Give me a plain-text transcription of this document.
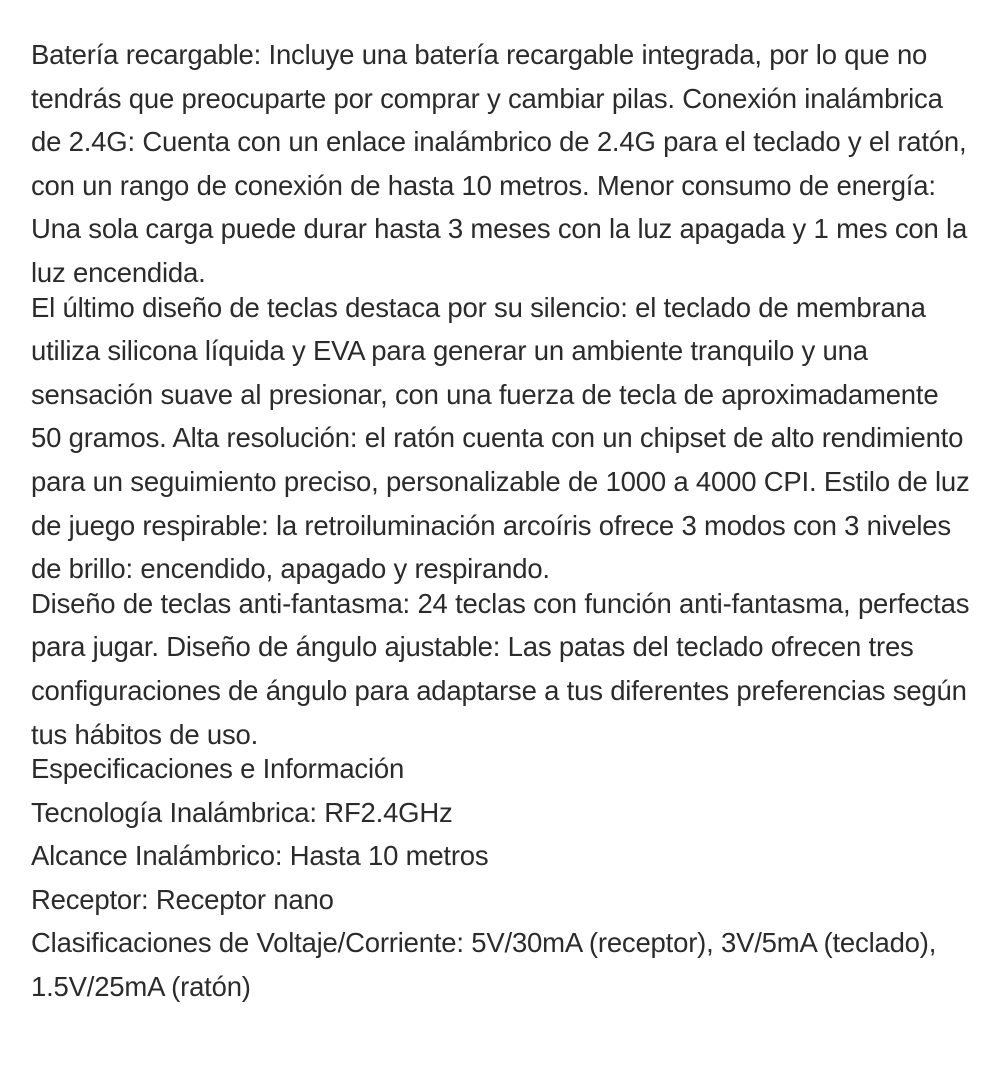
Batería recargable: Incluye una batería recargable integrada, por lo que no tendrás que preocuparte por comprar y cambiar pilas. Conexión inalámbrica de 2.4G: Cuenta con un enlace inalámbrico de 2.4G para el teclado y el ratón, con un rango de conexión de hasta 10 metros. Menor consumo de energía: Una sola carga puede durar hasta 3 meses con la luz apagada y 1 mes con la luz encendida.

El último diseño de teclas destaca por su silencio: el teclado de membrana utiliza silicona líquida y EVA para generar un ambiente tranquilo y una sensación suave al presionar, con una fuerza de tecla de aproximadamente 50 gramos. Alta resolución: el ratón cuenta con un chipset de alto rendimiento para un seguimiento preciso, personalizable de 1000 a 4000 CPI. Estilo de luz de juego respirable: la retroiluminación arcoíris ofrece 3 modos con 3 niveles de brillo: encendido, apagado y respirando.

Diseño de teclas anti-fantasma: 24 teclas con función anti-fantasma, perfectas para jugar. Diseño de ángulo ajustable: Las patas del teclado ofrecen tres configuraciones de ángulo para adaptarse a tus diferentes preferencias según tus hábitos de uso.

Especificaciones e Información

Tecnología Inalámbrica: RF2.4GHz

Alcance Inalámbrico: Hasta 10 metros

Receptor: Receptor nano

Clasificaciones de Voltaje/Corriente: 5V/30mA (receptor), 3V/5mA (teclado), 1.5V/25mA (ratón)
